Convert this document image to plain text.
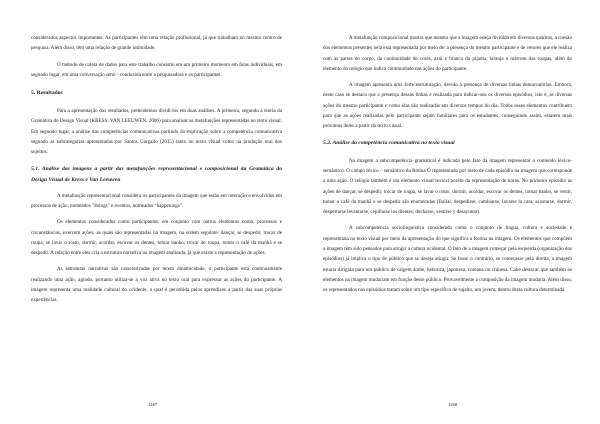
considerados aspectos importantes. As participantes têm uma relação profissional, já que trabalham no mesmo centro de pesquisa. Além disso, têm uma relação de grande intimidade.

O método de coleta de dados para este trabalho consistiu em um primeiro momento em falas individuais, em segundo lugar, em uma conversação semi - conduzida entre a pesquisadora e os participantes.

5. Resultados

Para a apresentação dos resultados, pretendemos dividi-los em duas análises. A primeira, segundo a teoria da Gramática do Design Visual (KRESS; VAN LEEUWEN, 2006) para analisar as metafunções representadas no texto visual. Em segundo lugar, a análise das competências comunicativas partindo da explicação sobre a competência comunicativa segundo as subcategorias apresentadas por Santos Gargallo (2015) tanto no texto visual como na produção oral dos sujeitos.

5.1. Análise das imagens a partir das metafunções representacional e composicional da Gramática do Design Visual de Kress e Van Leeuwen

A metafunção representacional considera os participantes da imagem que estão em interação e envolvidos em processos de ação, nomeados "doings" e eventos, nomeados "happenings".

Os elementos considerados como participantes, em conjunto com outros elementos como, processos e circunstâncias, exercem ações, as quais são representadas na imagem, na ordem seguinte: dançar, se despedir, trocar de roupa, se lavar o rosto, dormir, acordar, escovar os dentes, tomar banho, trocar de roupa, tomar o café da manhã e se despedir. A relação entre eles cria a estrutura narrativa na imagem analisada, já que existe a representação de ações.

As estruturas narrativas são caracterizadas por terem dinamicidade, o participante está continuamente realizando uma ação, agindo, portanto utiliza-se a voz ativa no texto oral para expressar as ações do participante. A imagem representa uma realidade cultural do ocidente, a qual é percebida pelos aprendizes a partir das suas próprias experiências.

1267

A metafunção composicional mostra que mesmo que a imagem esteja dividida em diversos quadros, a coesão dos elementos presentes nela está representada por meio de: a presença do mesmo participante e de vetores que ele realiza com as partes do corpo, da continuidade de cores, azul e branca do pijama, laranja e marrom das roupas, além do elemento do relógio que indica continuidade nas ações do participante.

A imagem apresenta uma forte estruturação, devido à presença de diversas linhas demarcatórias. Embora, neste caso se destaca que a presença dessas linhas é realizada para indicar-nos os diversos episódios, isto é, as diversas ações do mesmo participante e como elas são realizadas em diversos tempos do dia. Todos esses elementos contribuem para que as ações realizadas pelo participante sejam familiares para os estudantes, conseguindo assim, estarem mais próximos deles a partir do texto visual.

5.2. Análise da competência comunicativa no texto visual

Na imagem a subcompetência gramatical é indicada pelo fato da imagem representar o conteúdo léxico- semântico. O campo léxico – semântico da Rotina Ó representado por meio de cada episódio na imagem que corresponde a uma ação. O relógio também é um elemento visual lexical porém da representação de horas. No primeiro episódio as ações de dançar, se despedir, trocar de roupa, se lavar o rosto, dormir, acordar, escovar os dentes, tomar banho, se vestir, tomar o café da manhã e se despedir são enumeradas (Bailar, despedirse, cambiarse, lavarse la cara, acostarse, dormir, despertarse levantarse, cepillarse los dientes, ducharse, vestirse y desayunar).

A subcompetência sociolinguística considerada como o conjunto de língua, cultura e sociedade é representada no texto visual por meio da apresentação do que significa a Rotina na imagem. Os elementos que compõem a imagem têm sido pensados para atingir a cultura ocidental. O fato de a imagem começar pela esquerda (organização dos episódios) já implica o tipo de público que se deseja atingir. Se fosse o contrário, se começasse pela direita, a imagem estaria dirigida para um público de origem árabe, hebraica, japonesa, coreana ou chinesa. Cabe destacar que também os elementos na imagem mudariam em função desse público. Provavelmente a composição da imagem mudaria. Além disso, os representados nos episódios tratam sobre um tipo específico de sujeito, um jovem, dentro desta cultura determinada.

1268
